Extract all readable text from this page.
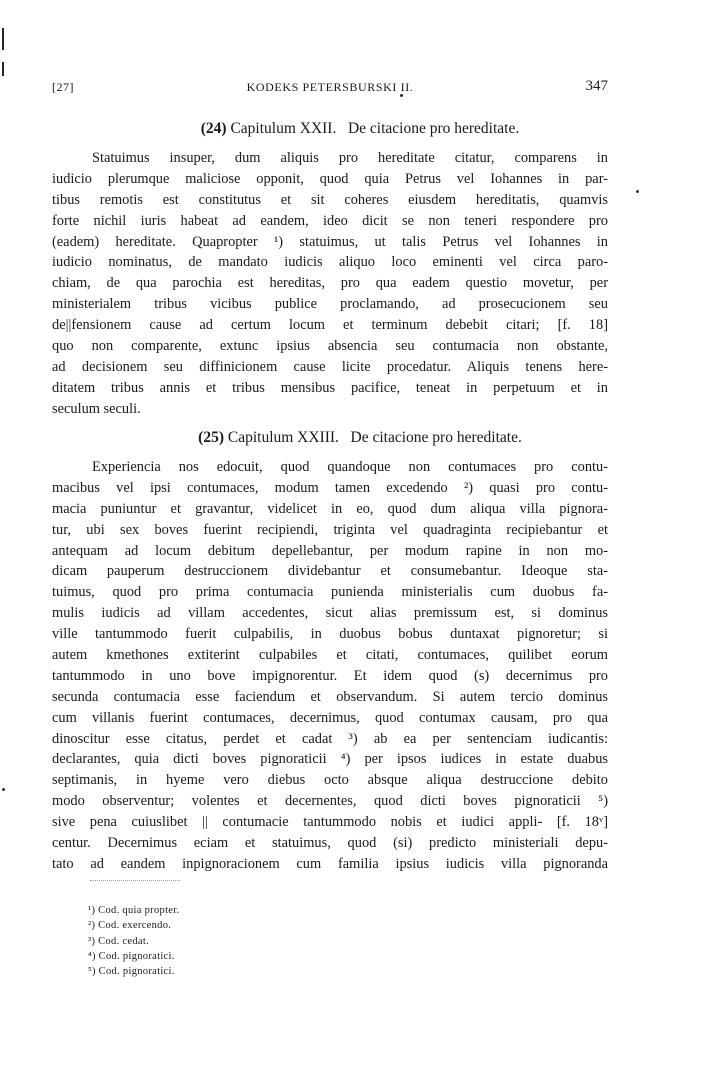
[27]	KODEKS PETERSBURSKI II.	347
(24) Capitulum XXII.   De citacione pro hereditate.
Statuimus insuper, dum aliquis pro hereditate citatur, comparens in
iudicio plerumque maliciose opponit, quod quia Petrus vel Iohannes in par-
tibus remotis est constitutus et sit coheres eiusdem hereditatis, quamvis
forte nichil iuris habeat ad eandem, ideo dicit se non teneri respondere pro
(eadem) hereditate. Quapropter ¹) statuimus, ut talis Petrus vel Iohannes in
iudicio nominatus, de mandato iudicis aliquo loco eminenti vel circa paro-
chiam, de qua parochia est hereditas, pro qua eadem questio movetur, per
ministerialem tribus vicibus publice proclamando, ad prosecucionem seu
de||fensionem cause ad certum locum et terminum debebit citari; [f. 18]
quo non comparente, extunc ipsius absencia seu contumacia non obstante,
ad decisionem seu diffinicionem cause licite procedatur. Aliquis tenens here-
ditatem tribus annis et tribus mensibus pacifice, teneat in perpetuum et in
seculum seculi.
(25) Capitulum XXIII.   De citacione pro hereditate.
Experiencia nos edocuit, quod quandoque non contumaces pro contu-
macibus vel ipsi contumaces, modum tamen excedendo ²) quasi pro contu-
macia puniuntur et gravantur, videlicet in eo, quod dum aliqua villa pignora-
tur, ubi sex boves fuerint recipiendi, triginta vel quadraginta recipiebantur et
antequam ad locum debitum depellebantur, per modum rapine in non mo-
dicam pauperum destruccionem dividebantur et consumebantur. Ideoque sta-
tuimus, quod pro prima contumacia punienda ministerialis cum duobus fa-
mulis iudicis ad villam accedentes, sicut alias premissum est, si dominus
ville tantummodo fuerit culpabilis, in duobus bobus duntaxat pignoretur; si
autem kmethones extiterint culpabiles et citati, contumaces, quilibet eorum
tantummodo in uno bove impignorentur. Et idem quod (s) decernimus pro
secunda contumacia esse faciendum et observandum. Si autem tercio dominus
cum villanis fuerint contumaces, decernimus, quod contumax causam, pro qua
dinoscitur esse citatus, perdet et cadat ³) ab ea per sentenciam iudicantis:
declarantes, quia dicti boves pignoraticii ⁴) per ipsos iudices in estate duabus
septimanis, in hyeme vero diebus octo absque aliqua destruccione debito
modo observentur; volentes et decernentes, quod dicti boves pignoraticii ⁵)
sive pena cuiuslibet || contumacie tantummodo nobis et iudici appli- [f. 18ᵛ]
centur. Decernimus eciam et statuimus, quod (si) predicto ministeriali depu-
tato ad eandem inpignoracionem cum familia ipsius iudicis villa pignoranda
¹) Cod. quia propter.
²) Cod. exercendo.
³) Cod. cedat.
⁴) Cod. pignoratici.
⁵) Cod. pignoratici.
